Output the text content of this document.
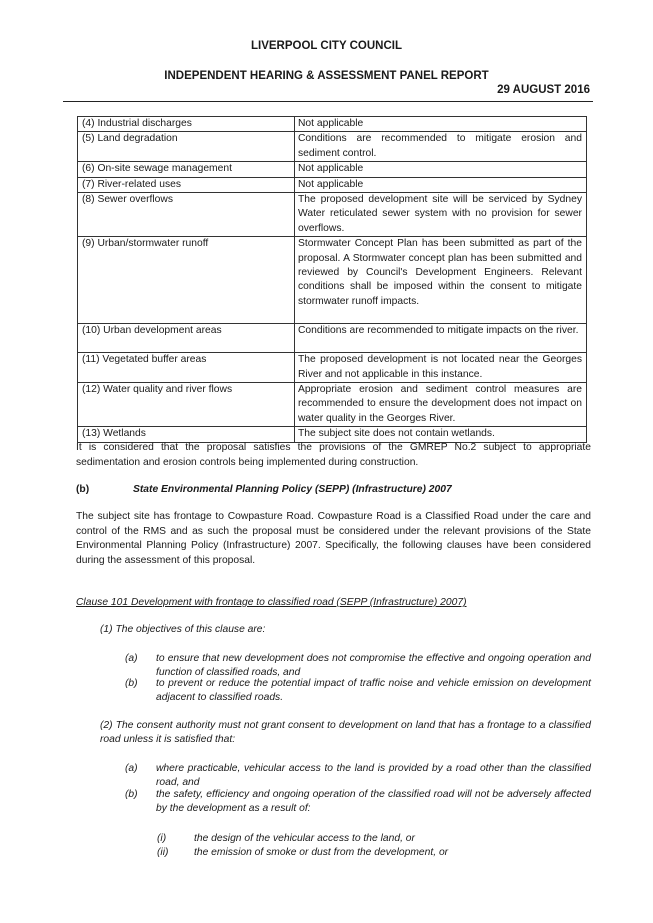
LIVERPOOL CITY COUNCIL
INDEPENDENT HEARING & ASSESSMENT PANEL REPORT
29 AUGUST 2016
(4) Industrial discharges	Not applicable
(5) Land degradation	Conditions are recommended to mitigate erosion and sediment control.
(6) On-site sewage management	Not applicable
(7) River-related uses	Not applicable
(8) Sewer overflows	The proposed development site will be serviced by Sydney Water reticulated sewer system with no provision for sewer overflows.
(9) Urban/stormwater runoff	Stormwater Concept Plan has been submitted as part of the proposal. A Stormwater concept plan has been submitted and reviewed by Council's Development Engineers. Relevant conditions shall be imposed within the consent to mitigate stormwater runoff impacts.
(10) Urban development areas	Conditions are recommended to mitigate impacts on the river.
(11) Vegetated buffer areas	The proposed development is not located near the Georges River and not applicable in this instance.
(12) Water quality and river flows	Appropriate erosion and sediment control measures are recommended to ensure the development does not impact on water quality in the Georges River.
(13) Wetlands	The subject site does not contain wetlands.
It is considered that the proposal satisfies the provisions of the GMREP No.2 subject to appropriate sedimentation and erosion controls being implemented during construction.
(b)	State Environmental Planning Policy (SEPP) (Infrastructure) 2007
The subject site has frontage to Cowpasture Road. Cowpasture Road is a Classified Road under the care and control of the RMS and as such the proposal must be considered under the relevant provisions of the State Environmental Planning Policy (Infrastructure) 2007. Specifically, the following clauses have been considered during the assessment of this proposal.
Clause 101 Development with frontage to classified road (SEPP (Infrastructure) 2007)
(1) The objectives of this clause are:
(a) to ensure that new development does not compromise the effective and ongoing operation and function of classified roads, and
(b) to prevent or reduce the potential impact of traffic noise and vehicle emission on development adjacent to classified roads.
(2) The consent authority must not grant consent to development on land that has a frontage to a classified road unless it is satisfied that:
(a) where practicable, vehicular access to the land is provided by a road other than the classified road, and
(b) the safety, efficiency and ongoing operation of the classified road will not be adversely affected by the development as a result of:
(i)	the design of the vehicular access to the land, or
(ii) the emission of smoke or dust from the development, or
